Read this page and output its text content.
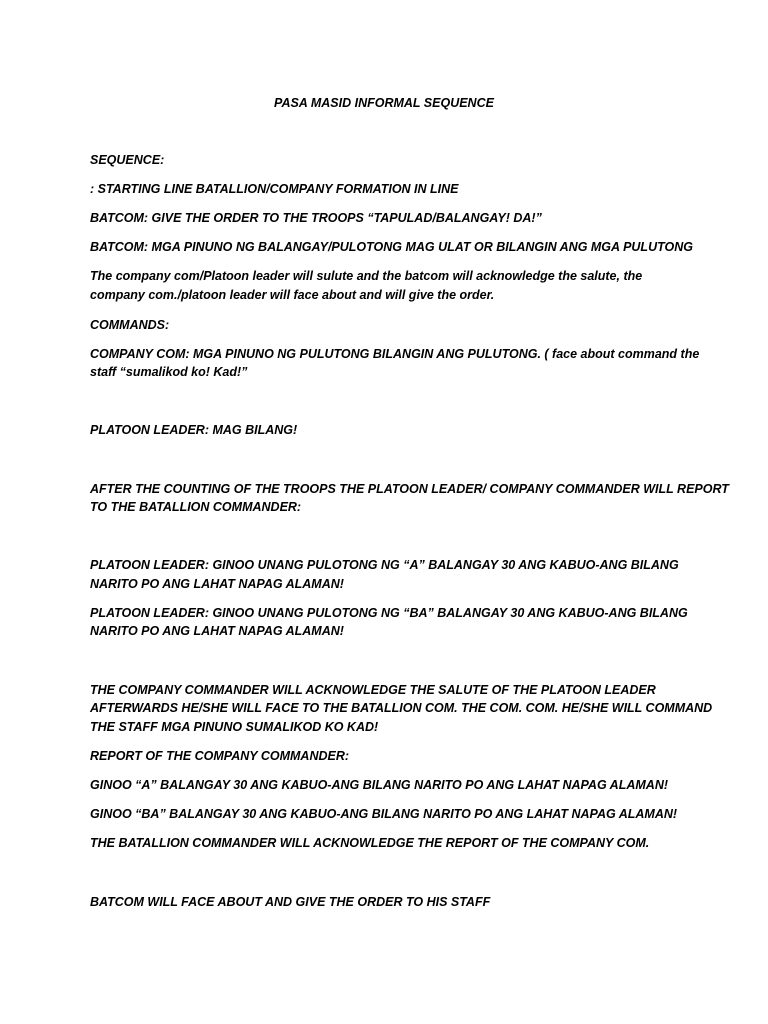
PASA MASID INFORMAL SEQUENCE
SEQUENCE:
: STARTING LINE BATALLION/COMPANY FORMATION IN LINE
BATCOM: GIVE THE ORDER TO THE TROOPS “TAPULAD/BALANGAY! DA!”
BATCOM: MGA PINUNO NG BALANGAY/PULOTONG MAG ULAT OR BILANGIN ANG MGA PULUTONG
The company com/Platoon leader will sulute and the batcom will acknowledge the salute, the
company com./platoon leader will face about and will give the order.
COMMANDS:
COMPANY COM: MGA PINUNO NG PULUTONG BILANGIN ANG PULUTONG. ( face about command the
staff “sumalikod ko! Kad!”
PLATOON LEADER: MAG BILANG!
AFTER THE COUNTING OF THE TROOPS THE PLATOON LEADER/ COMPANY COMMANDER WILL REPORT
TO THE BATALLION COMMANDER:
PLATOON LEADER: GINOO UNANG PULOTONG NG “A” BALANGAY 30 ANG KABUO-ANG BILANG
NARITO PO ANG LAHAT NAPAG ALAMAN!
PLATOON LEADER: GINOO UNANG PULOTONG NG “BA” BALANGAY 30 ANG KABUO-ANG BILANG
NARITO PO ANG LAHAT NAPAG ALAMAN!
THE COMPANY COMMANDER WILL ACKNOWLEDGE THE SALUTE OF THE PLATOON LEADER
AFTERWARDS HE/SHE WILL FACE TO THE BATALLION COM. THE COM. COM. HE/SHE WILL COMMAND
THE STAFF MGA PINUNO SUMALIKOD KO KAD!
REPORT OF THE COMPANY COMMANDER:
GINOO “A” BALANGAY 30 ANG KABUO-ANG BILANG NARITO PO ANG LAHAT NAPAG ALAMAN!
GINOO “BA” BALANGAY 30 ANG KABUO-ANG BILANG NARITO PO ANG LAHAT NAPAG ALAMAN!
THE BATALLION COMMANDER WILL ACKNOWLEDGE THE REPORT OF THE COMPANY COM.
BATCOM WILL FACE ABOUT AND GIVE THE ORDER TO HIS STAFF
